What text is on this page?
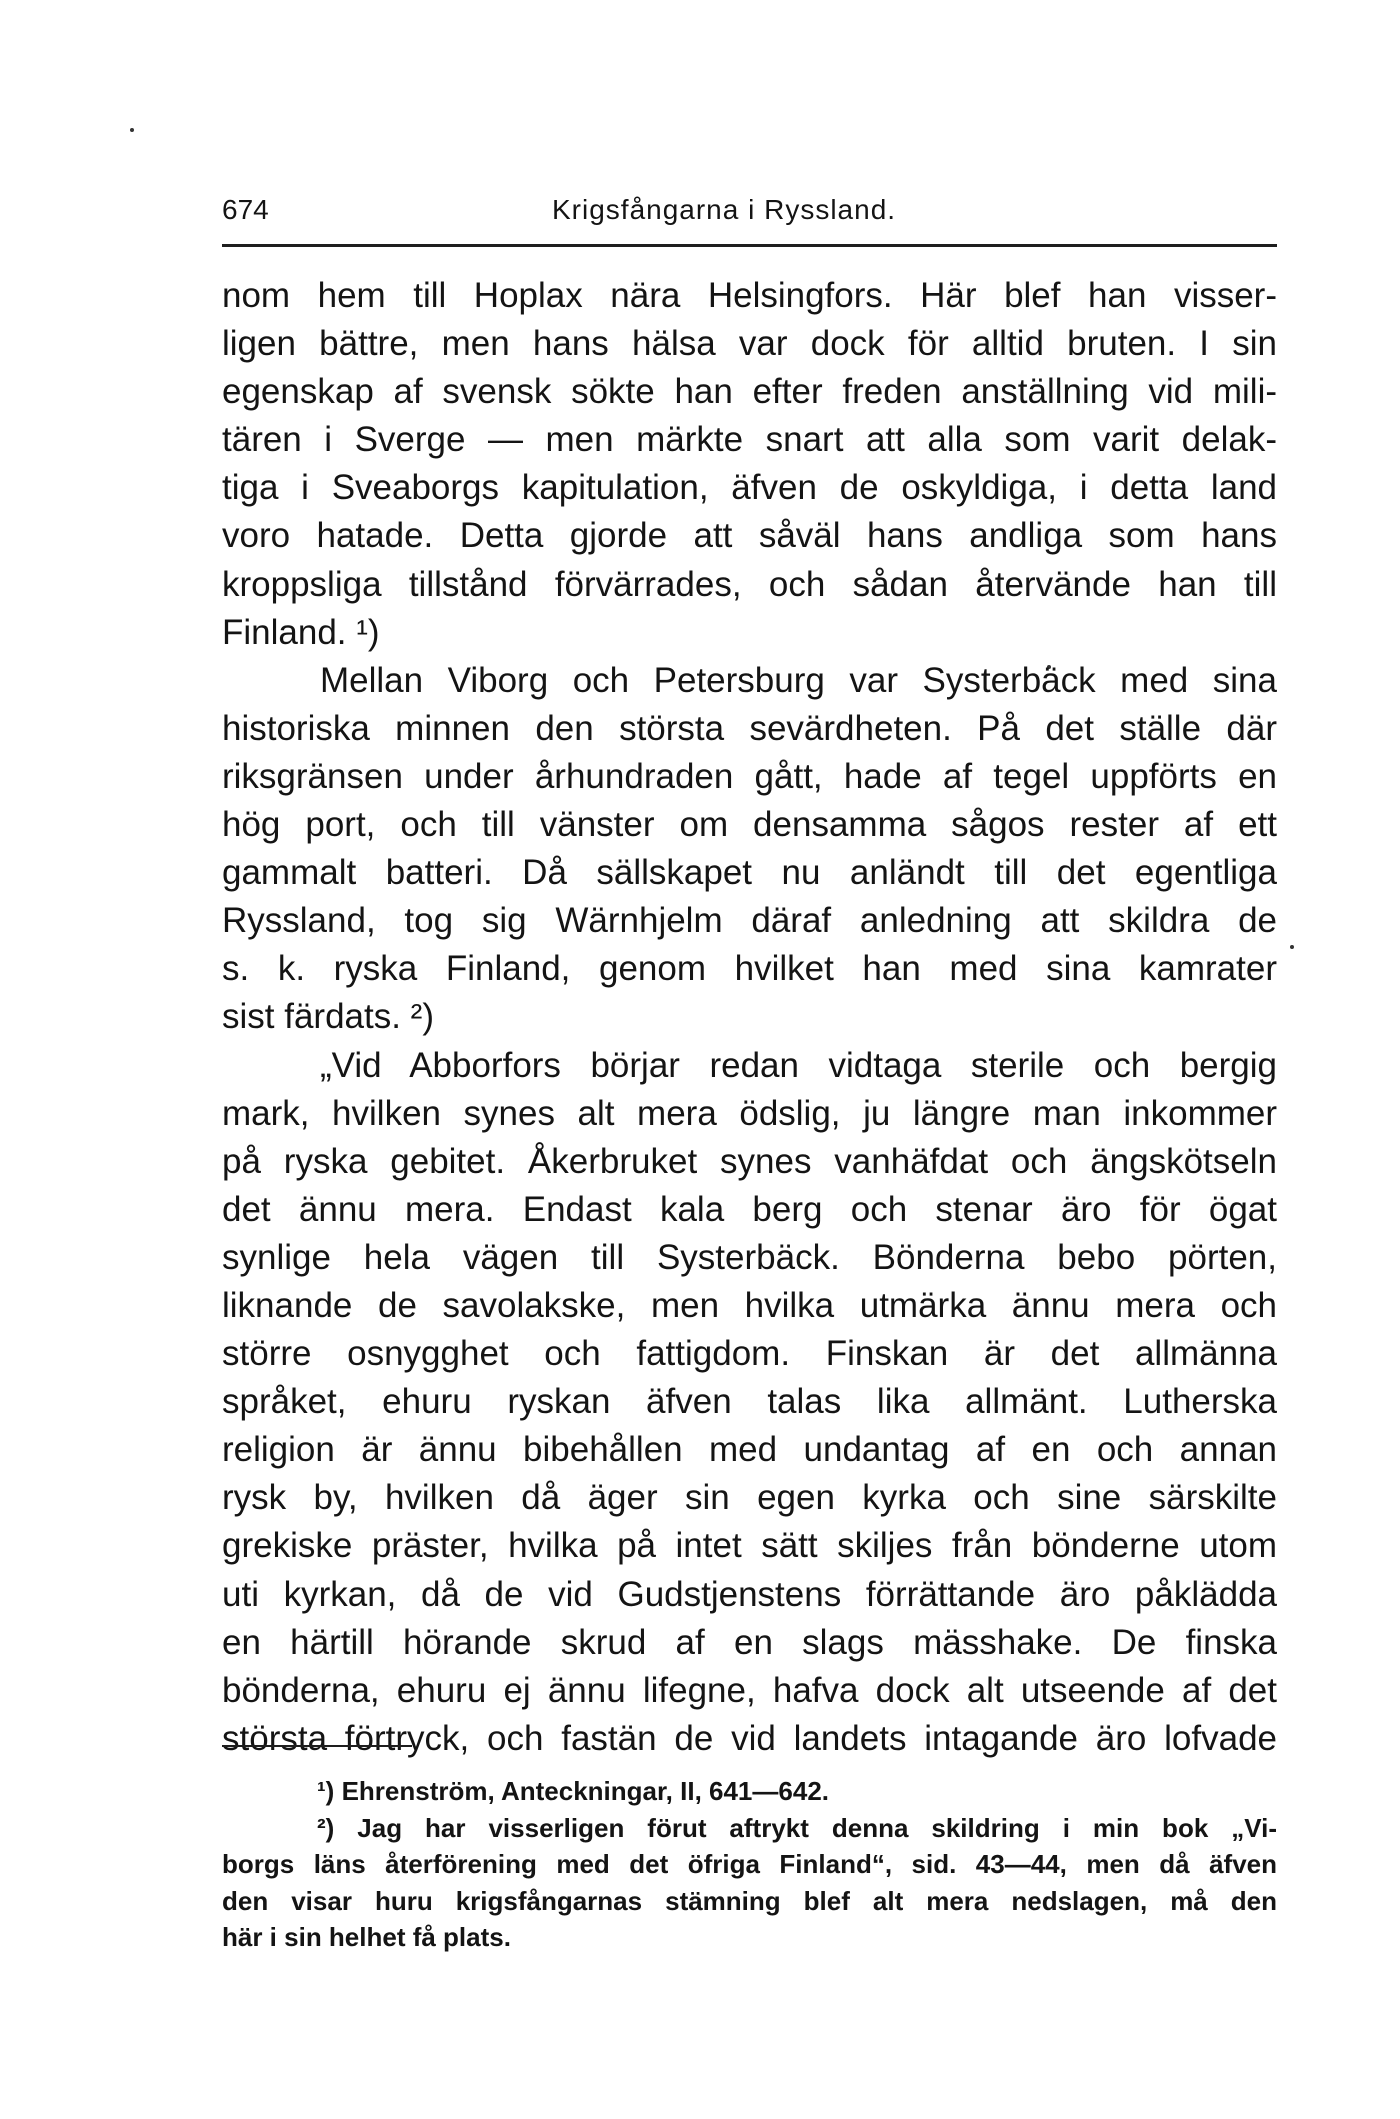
674	Krigsfångarna i Ryssland.
nom hem till Hoplax nära Helsingfors. Här blef han visser-
ligen bättre, men hans hälsa var dock för alltid bruten. I sin
egenskap af svensk sökte han efter freden anställning vid mili-
tären i Sverge — men märkte snart att alla som varit delak-
tiga i Sveaborgs kapitulation, äfven de oskyldiga, i detta land
voro hatade. Detta gjorde att såväl hans andliga som hans
kroppsliga tillstånd förvärrades, och sådan återvände han till
Finland. ¹)
Mellan Viborg och Petersburg var Systerbäck med sina
historiska minnen den största sevärdheten. På det ställe där
riksgränsen under århundraden gått, hade af tegel uppförts en
hög port, och till vänster om densamma sågos rester af ett
gammalt batteri. Då sällskapet nu anländt till det egentliga
Ryssland, tog sig Wärnhjelm däraf anledning att skildra de
s. k. ryska Finland, genom hvilket han med sina kamrater
sist färdats. ²)
„Vid Abborfors börjar redan vidtaga sterile och bergig
mark, hvilken synes alt mera ödslig, ju längre man inkommer
på ryska gebitet. Åkerbruket synes vanhäfdat och ängskötseln
det ännu mera. Endast kala berg och stenar äro för ögat
synlige hela vägen till Systerbäck. Bönderna bebo pörten,
liknande de savolakske, men hvilka utmärka ännu mera och
större osnygghet och fattigdom. Finskan är det allmänna
språket, ehuru ryskan äfven talas lika allmänt. Lutherska
religion är ännu bibehållen med undantag af en och annan
rysk by, hvilken då äger sin egen kyrka och sine särskilte
grekiske präster, hvilka på intet sätt skiljes från bönderne utom
uti kyrkan, då de vid Gudstjenstens förrättande äro påklädda
en härtill hörande skrud af en slags mässhake. De finska
bönderna, ehuru ej ännu lifegne, hafva dock alt utseende af det
största förtryck, och fastän de vid landets intagande äro lofvade
¹) Ehrenström, Anteckningar, II, 641—642.
²) Jag har visserligen förut aftrykt denna skildring i min bok „Vi-
borgs läns återförening med det öfriga Finland“, sid. 43—44, men då äfven
den visar huru krigsfångarnas stämning blef alt mera nedslagen, må den
här i sin helhet få plats.
